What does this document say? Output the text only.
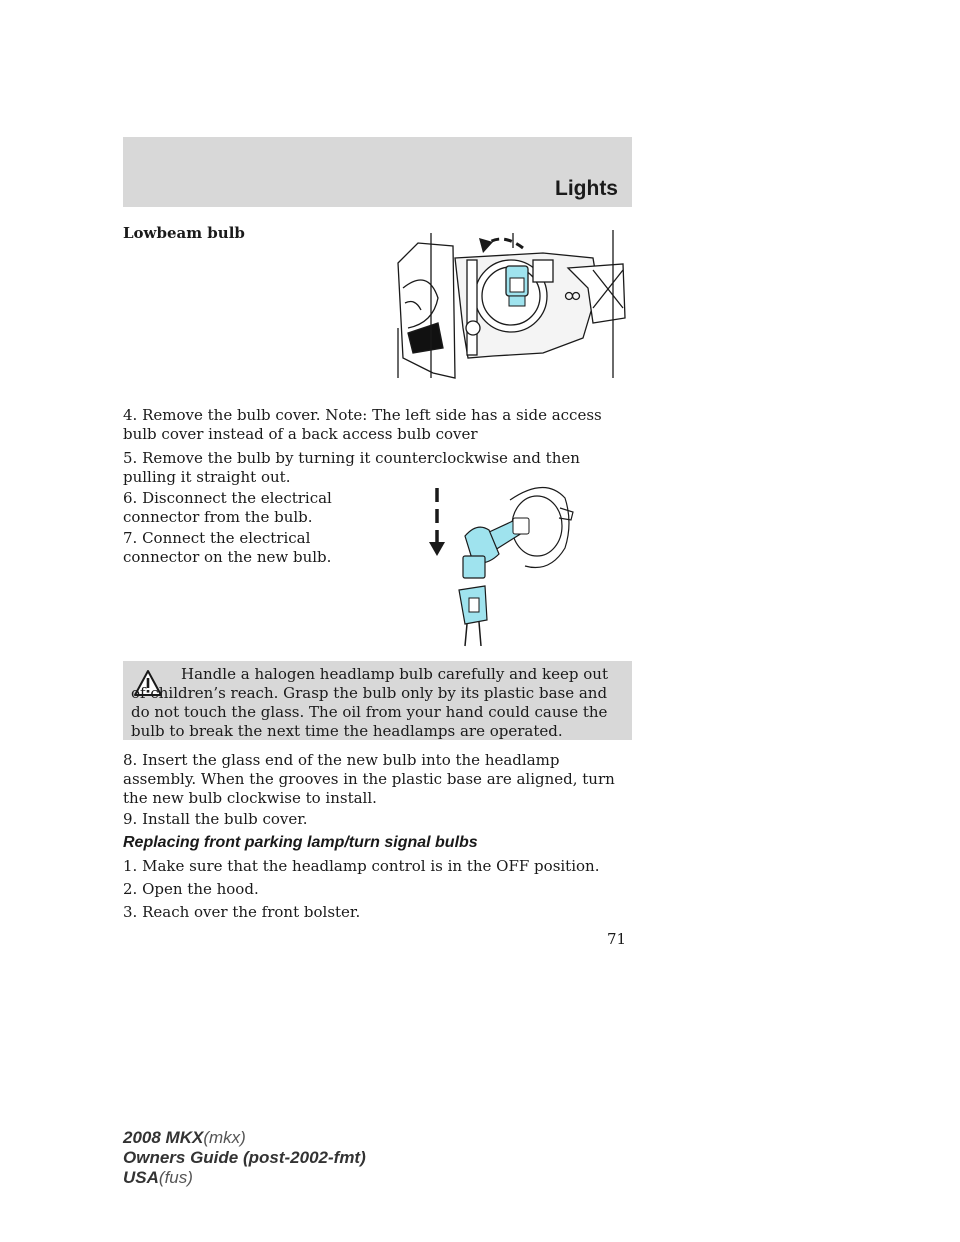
Lights
Lowbeam bulb
4. Remove the bulb cover. Note: The left side has a side access bulb cover instead of a back access bulb cover
5. Remove the bulb by turning it counterclockwise and then pulling it straight out.
6. Disconnect the electrical connector from the bulb.
7. Connect the electrical connector on the new bulb.
Handle a halogen headlamp bulb carefully and keep out of children’s reach. Grasp the bulb only by its plastic base and do not touch the glass. The oil from your hand could cause the bulb to break the next time the headlamps are operated.
8. Insert the glass end of the new bulb into the headlamp assembly. When the grooves in the plastic base are aligned, turn the new bulb clockwise to install.
9. Install the bulb cover.
Replacing front parking lamp/turn signal bulbs
1. Make sure that the headlamp control is in the OFF position.
2. Open the hood.
3. Reach over the front bolster.
71
2008 MKX(mkx)
Owners Guide (post-2002-fmt)
USA(fus)
